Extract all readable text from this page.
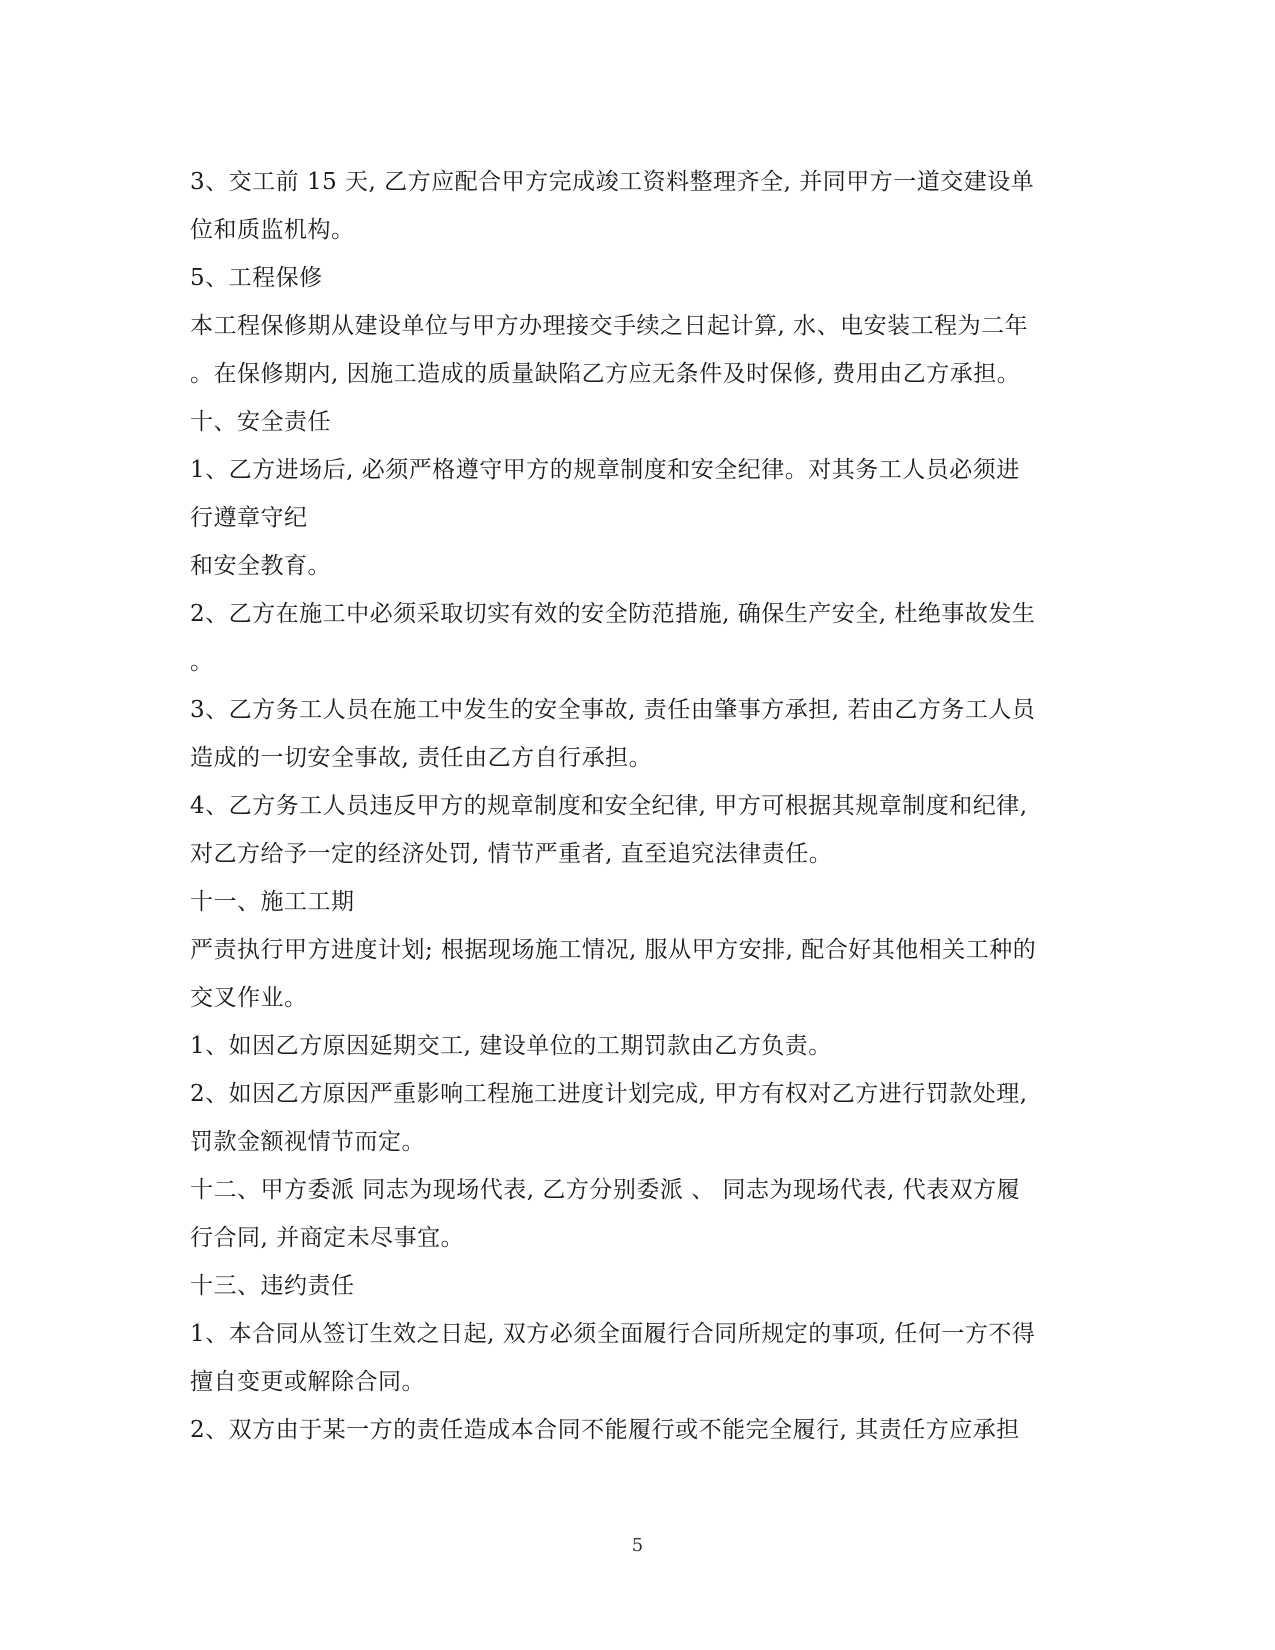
3、交工前 15 天, 乙方应配合甲方完成竣工资料整理齐全, 并同甲方一道交建设单
位和质监机构。
5、工程保修
本工程保修期从建设单位与甲方办理接交手续之日起计算, 水、电安装工程为二年
。在保修期内, 因施工造成的质量缺陷乙方应无条件及时保修, 费用由乙方承担。
十、安全责任
1、乙方进场后, 必须严格遵守甲方的规章制度和安全纪律。对其务工人员必须进
行遵章守纪
和安全教育。
2、乙方在施工中必须采取切实有效的安全防范措施, 确保生产安全, 杜绝事故发生
。
3、乙方务工人员在施工中发生的安全事故, 责任由肇事方承担, 若由乙方务工人员
造成的一切安全事故, 责任由乙方自行承担。
4、乙方务工人员违反甲方的规章制度和安全纪律, 甲方可根据其规章制度和纪律,
对乙方给予一定的经济处罚, 情节严重者, 直至追究法律责任。
十一、施工工期
严责执行甲方进度计划; 根据现场施工情况, 服从甲方安排, 配合好其他相关工种的
交叉作业。
1、如因乙方原因延期交工, 建设单位的工期罚款由乙方负责。
2、如因乙方原因严重影响工程施工进度计划完成, 甲方有权对乙方进行罚款处理,
罚款金额视情节而定。
十二、甲方委派 同志为现场代表, 乙方分别委派 、 同志为现场代表, 代表双方履
行合同, 并商定未尽事宜。
十三、违约责任
1、本合同从签订生效之日起, 双方必须全面履行合同所规定的事项, 任何一方不得
擅自变更或解除合同。
2、双方由于某一方的责任造成本合同不能履行或不能完全履行, 其责任方应承担
5
